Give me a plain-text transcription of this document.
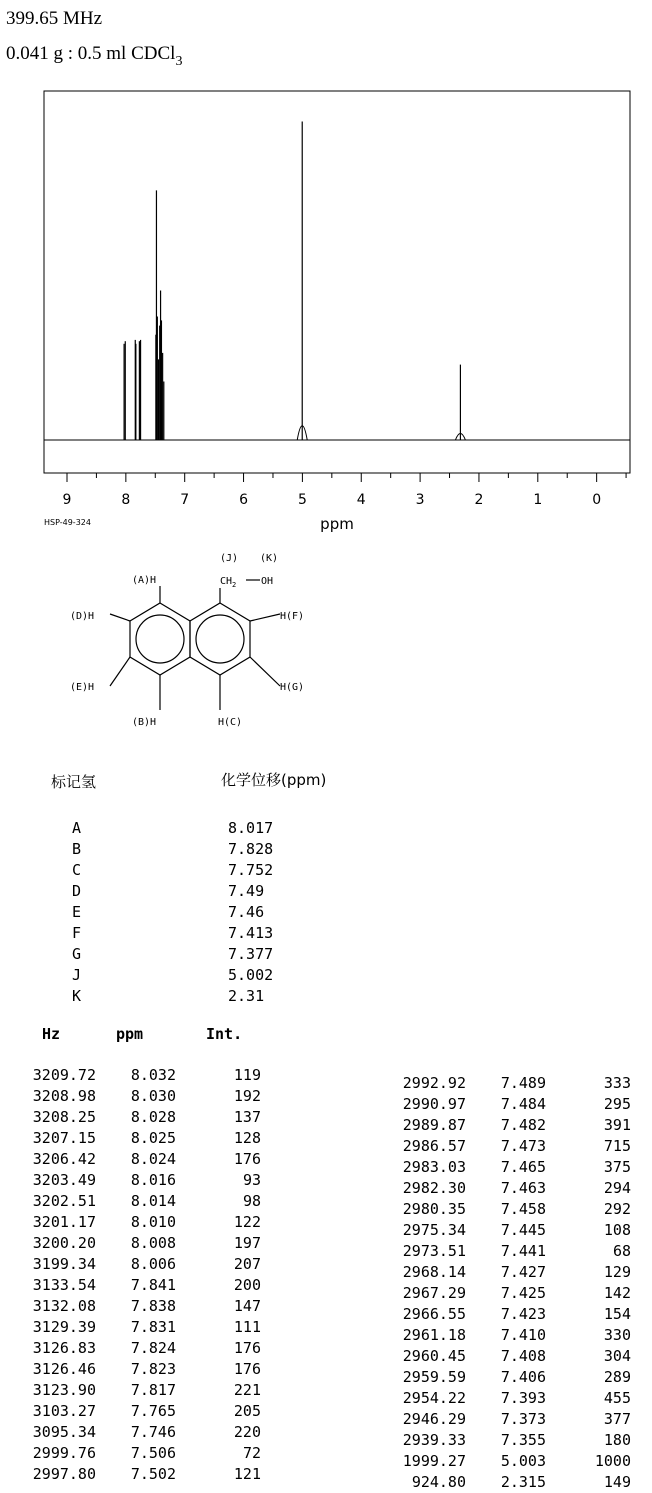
399.65 MHz
0.041 g : 0.5 ml CDCl$_3$
9	8	7	6	5	4	3	2	1	0
ppm
HSP-49-324
(A)H
(D)H
(E)H
(B)H	H(C)
H(G)
H(F)
(J) (K)
$CH_2$ OH
标记氢	化学位移(ppm)
A	8.017
B	7.828
C	7.752
D	7.49
E	7.46
F	7.413
G	7.377
J	5.002
K	2.31
Hz	ppm	Int.
3209.72	8.032	119
3208.98	8.030	192
3208.25	8.028	137
3207.15	8.025	128
3206.42	8.024	176
3203.49	8.016	93
3202.51	8.014	98
3201.17	8.010	122
3200.20	8.008	197
3199.34	8.006	207
3133.54	7.841	200
3132.08	7.838	147
3129.39	7.831	111
3126.83	7.824	176
3126.46	7.823	176
3123.90	7.817	221
3103.27	7.765	205
3095.34	7.746	220
2999.76	7.506	72
2997.80	7.502	121
2992.92	7.489	333
2990.97	7.484	295
2989.87	7.482	391
2986.57	7.473	715
2983.03	7.465	375
2982.30	7.463	294
2980.35	7.458	292
2975.34	7.445	108
2973.51	7.441	68
2968.14	7.427	129
2967.29	7.425	142
2966.55	7.423	154
2961.18	7.410	330
2960.45	7.408	304
2959.59	7.406	289
2954.22	7.393	455
2946.29	7.373	377
2939.33	7.355	180
1999.27	5.003	1000
924.80	2.315	149
